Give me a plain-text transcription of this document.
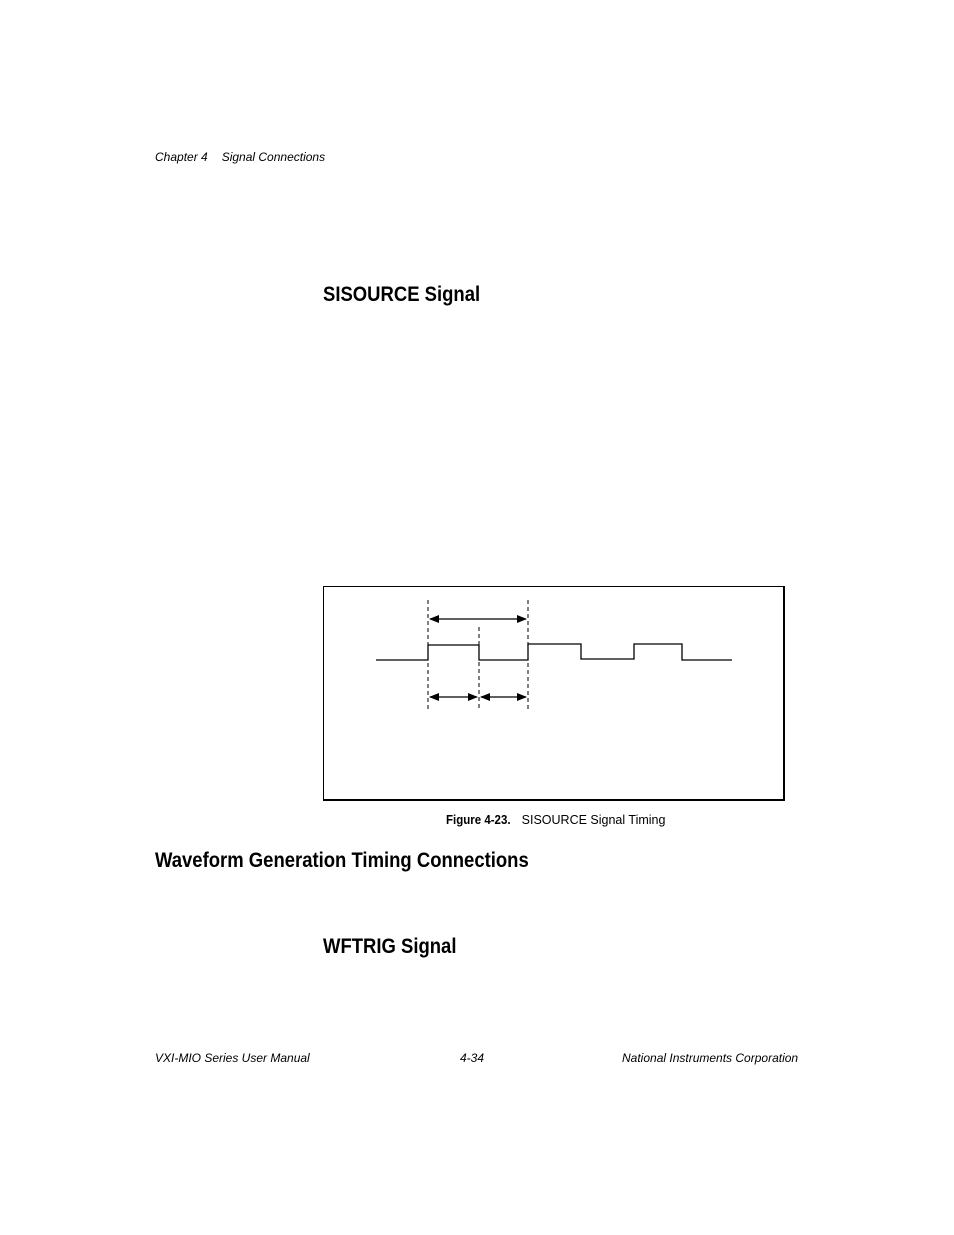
Chapter 4 Signal Connections
SISOURCE Signal
Figure 4-23. SISOURCE Signal Timing
Waveform Generation Timing Connections
WFTRIG Signal
VXI-MIO Series User Manual	4-34	National Instruments Corporation
